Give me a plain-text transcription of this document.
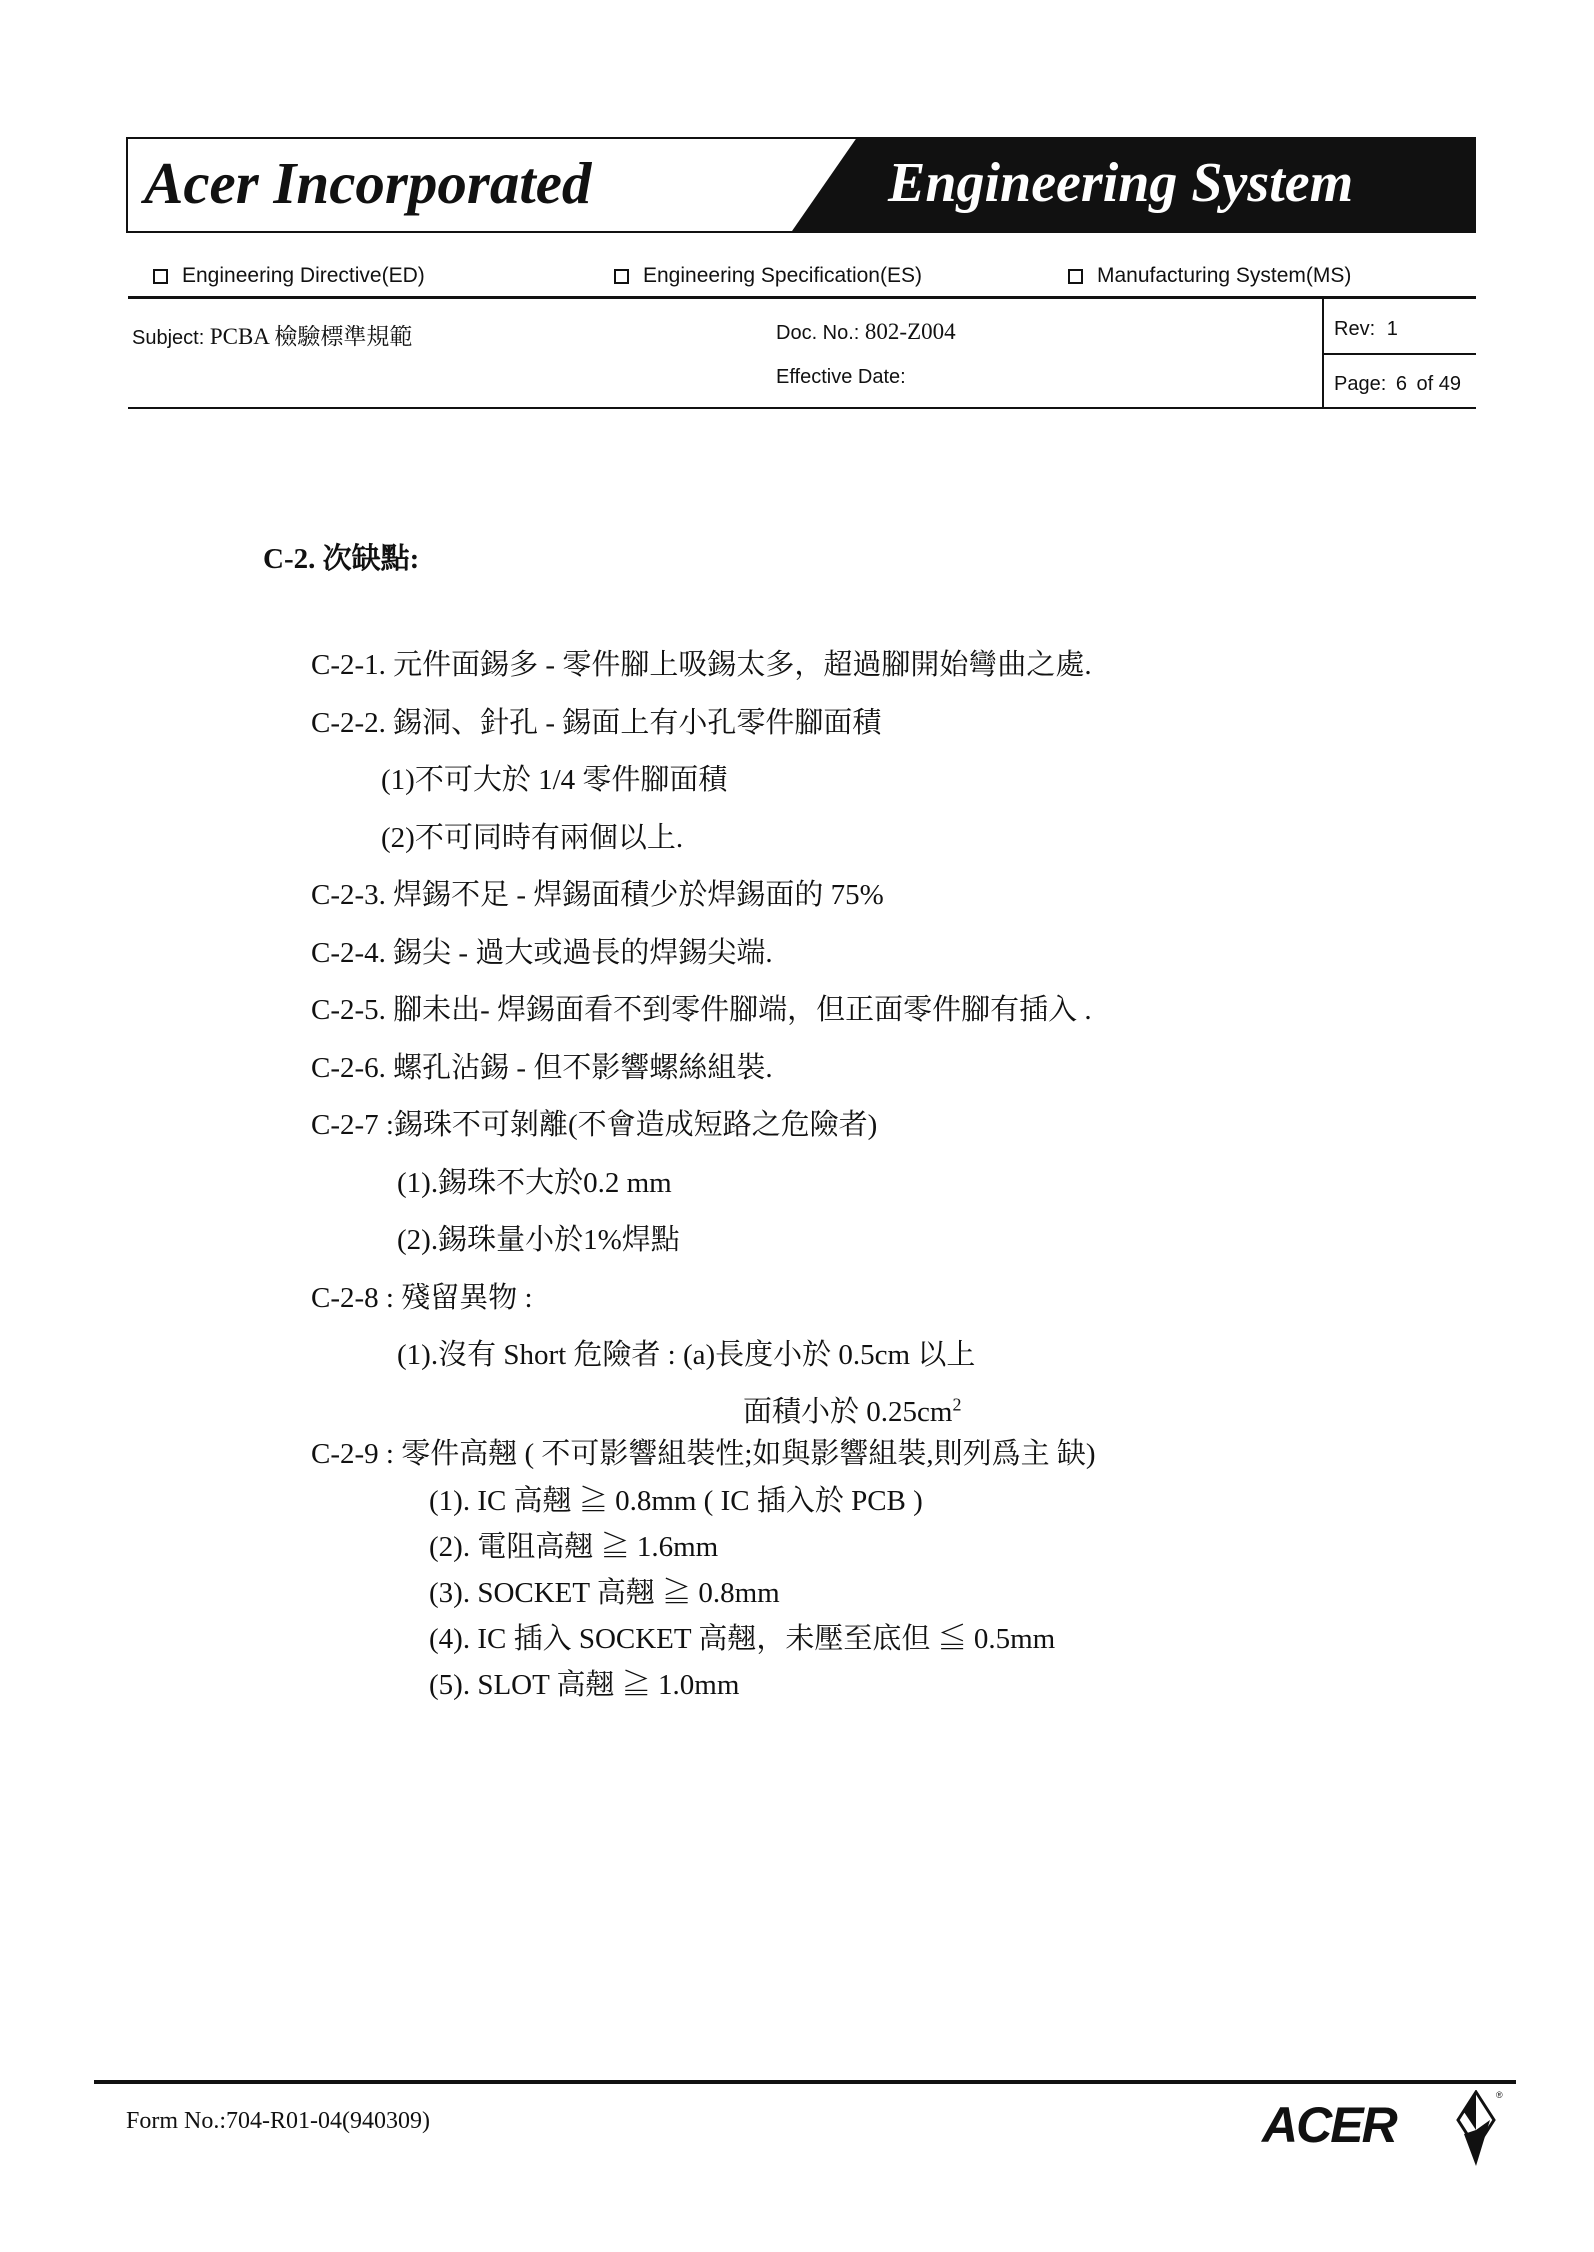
Acer Incorporated	Engineering System
Engineering Directive(ED)	Engineering Specification(ES)	Manufacturing System(MS)
Subject: PCBA 檢驗標準規範	Doc. No.: 802-Z004
Effective Date:
Rev: 1
Page: 6 of 49
C-2. 次缺點:
C-2-1. 元件面錫多 - 零件腳上吸錫太多，超過腳開始彎曲之處.
C-2-2. 錫洞、針孔 - 錫面上有小孔零件腳面積
(1)不可大於 1/4 零件腳面積
(2)不可同時有兩個以上.
C-2-3. 焊錫不足 - 焊錫面積少於焊錫面的 75%
C-2-4. 錫尖 - 過大或過長的焊錫尖端.
C-2-5. 腳未出- 焊錫面看不到零件腳端，但正面零件腳有插入 .
C-2-6. 螺孔沾錫 - 但不影響螺絲組裝.
C-2-7 :錫珠不可剝離(不會造成短路之危險者)
(1).錫珠不大於0.2 mm
(2).錫珠量小於1%焊點
C-2-8 : 殘留異物 :
(1).沒有 Short 危險者 : (a)長度小於 0.5cm 以上
面積小於 $0.25cm^2$
C-2-9 : 零件高翹 ( 不可影響組裝性;如與影響組裝,則列爲主 缺)
(1). IC 高翹 ≧ 0.8mm ( IC 插入於 PCB )
(2). 電阻高翹 ≧ 1.6mm
(3). SOCKET 高翹 ≧ 0.8mm
(4). IC 插入 SOCKET 高翹，未壓至底但 ≦ 0.5mm
(5). SLOT 高翹 ≧ 1.0mm
Form No.:704-R01-04(940309)	ACER
®
